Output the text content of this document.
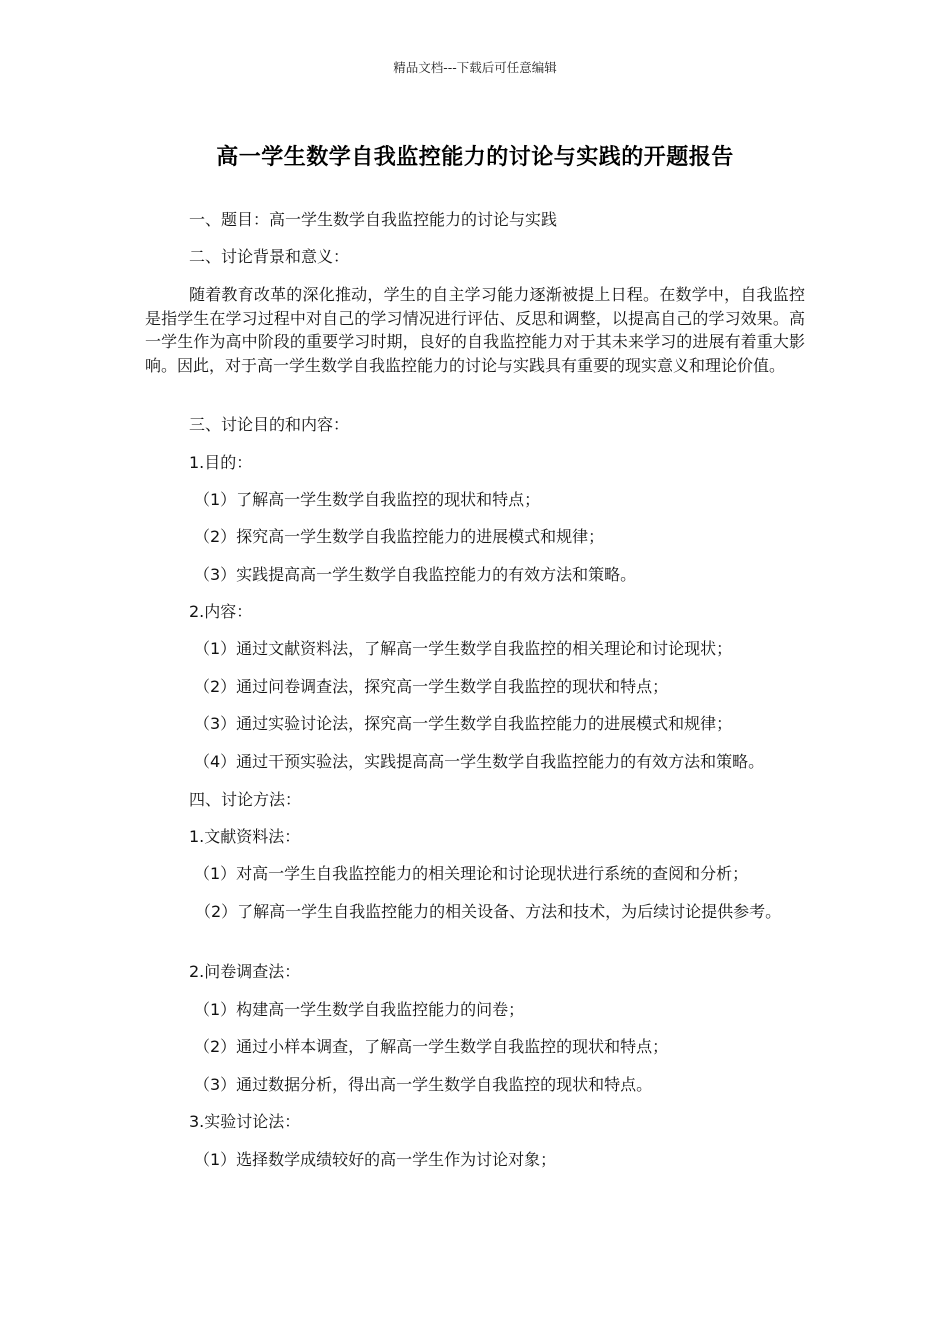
精品文档---下载后可任意编辑
高一学生数学自我监控能力的讨论与实践的开题报告
一、题目：高一学生数学自我监控能力的讨论与实践
二、讨论背景和意义：
随着教育改革的深化推动，学生的自主学习能力逐渐被提上日程。在数学中，自我监控是指学生在学习过程中对自己的学习情况进行评估、反思和调整，以提高自己的学习效果。高一学生作为高中阶段的重要学习时期，良好的自我监控能力对于其未来学习的进展有着重大影响。因此，对于高一学生数学自我监控能力的讨论与实践具有重要的现实意义和理论价值。
三、讨论目的和内容：
1.目的：
（1）了解高一学生数学自我监控的现状和特点；
（2）探究高一学生数学自我监控能力的进展模式和规律；
（3）实践提高高一学生数学自我监控能力的有效方法和策略。
2.内容：
（1）通过文献资料法，了解高一学生数学自我监控的相关理论和讨论现状；
（2）通过问卷调查法，探究高一学生数学自我监控的现状和特点；
（3）通过实验讨论法，探究高一学生数学自我监控能力的进展模式和规律；
（4）通过干预实验法，实践提高高一学生数学自我监控能力的有效方法和策略。
四、讨论方法：
1.文献资料法：
（1）对高一学生自我监控能力的相关理论和讨论现状进行系统的查阅和分析；
（2）了解高一学生自我监控能力的相关设备、方法和技术，为后续讨论提供参考。
2.问卷调查法：
（1）构建高一学生数学自我监控能力的问卷；
（2）通过小样本调查，了解高一学生数学自我监控的现状和特点；
（3）通过数据分析，得出高一学生数学自我监控的现状和特点。
3.实验讨论法：
（1）选择数学成绩较好的高一学生作为讨论对象；
